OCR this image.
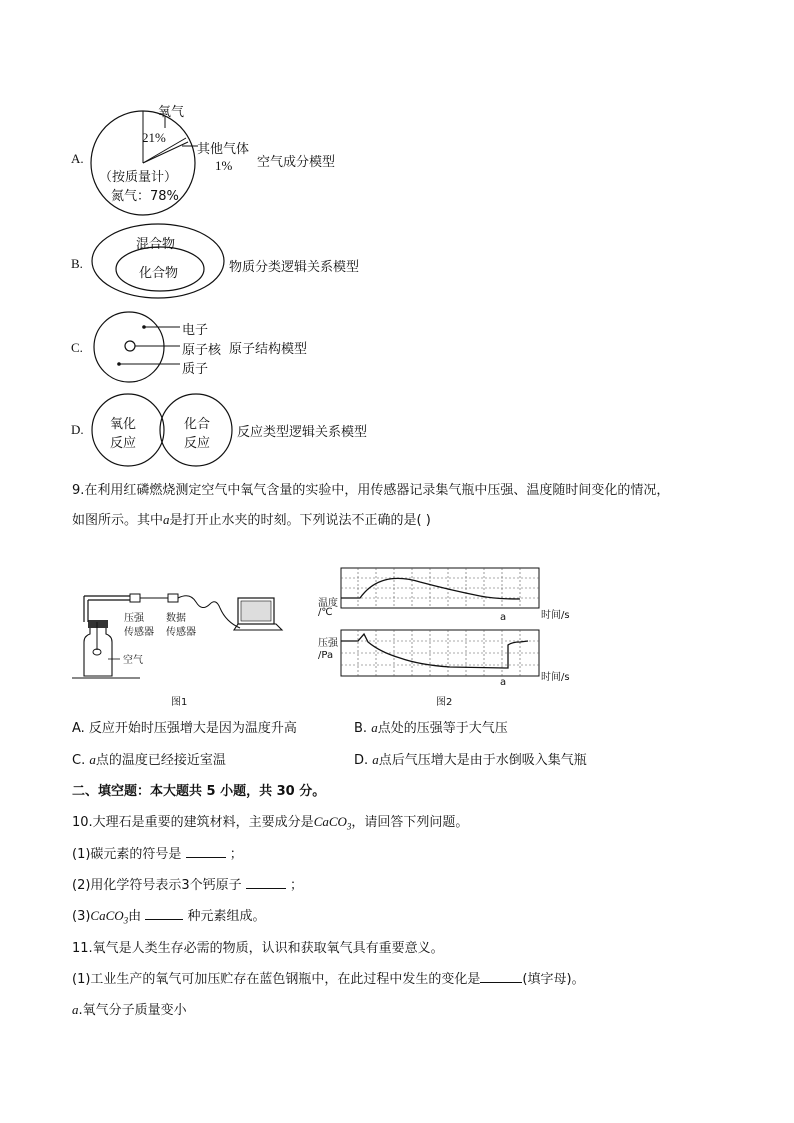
A.
氧气
21%
其他气体
1% 空气成分模型
（按质量计）
氮气：78%
B.
混合物
化合物	物质分类逻辑关系模型
C.
电子
原子核
质子
原子结构模型
D. 氧化
反应
化合
反应
反应类型逻辑关系模型
9.在利用红磷燃烧测定空气中氧气含量的实验中，用传感器记录集气瓶中压强、温度随时间变化的情况，
如图所示。其中a是打开止水夹的时刻。下列说法不正确的是( )
压强
传感器
数据
传感器
空气
图1
温度
/℃	时间/s
a
压强
/Pa
时间/s
a
图2
A. 反应开始时压强增大是因为温度升高	B. a点处的压强等于大气压
C. a点的温度已经接近室温	D. a点后气压增大是由于水倒吸入集气瓶
二、填空题：本大题共 5 小题，共 30 分。
10.大理石是重要的建筑材料，主要成分是CaCO$_3$，请回答下列问题。
(1)碳元素的符号是	；
(2)用化学符号表示3个钙原子	；
(3)CaCO$_3$由	种元素组成。
11.氧气是人类生存必需的物质，认识和获取氧气具有重要意义。
(1)工业生产的氧气可加压贮存在蓝色钢瓶中，在此过程中发生的变化是	(填字母)。
a.氧气分子质量变小
